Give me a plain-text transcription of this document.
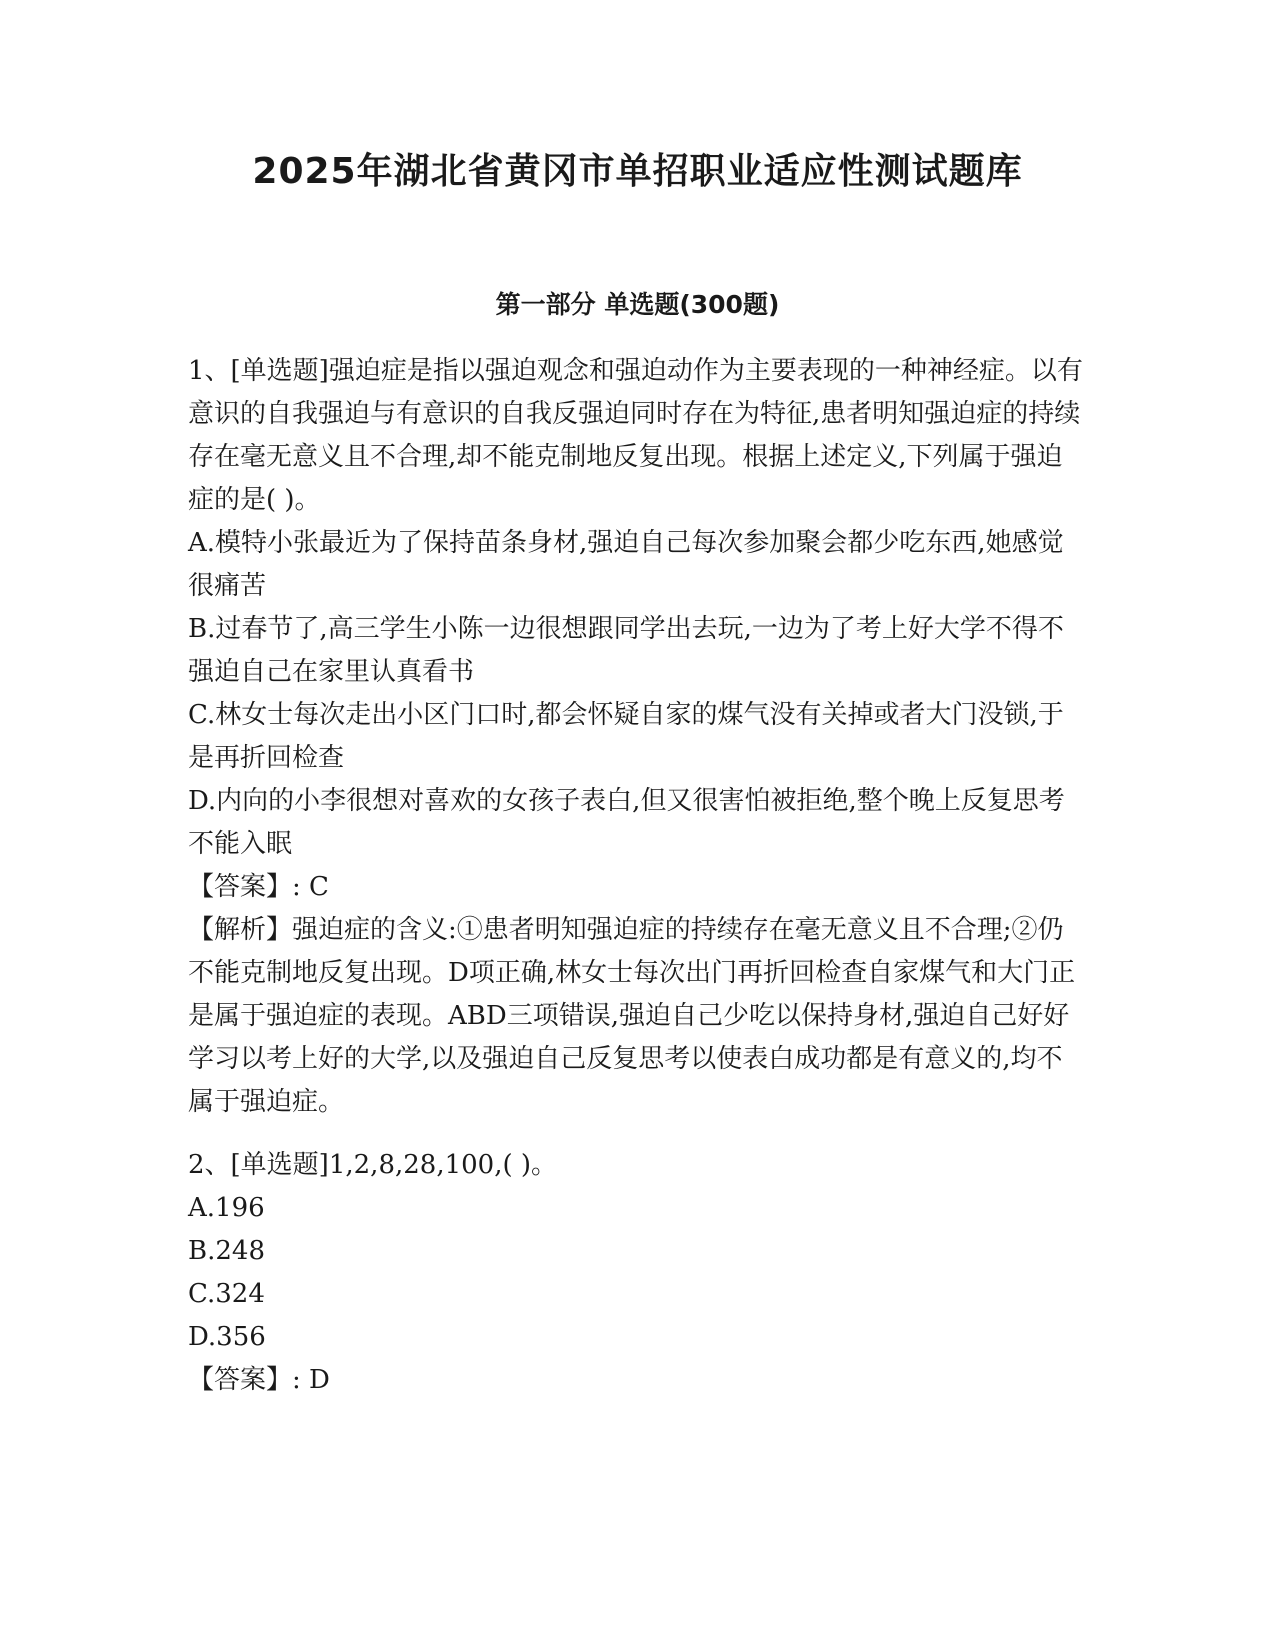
2025年湖北省黄冈市单招职业适应性测试题库
第一部分 单选题(300题)

1、[单选题]强迫症是指以强迫观念和强迫动作为主要表现的一种神经症。以有意识的自我强迫与有意识的自我反强迫同时存在为特征,患者明知强迫症的持续存在毫无意义且不合理,却不能克制地反复出现。根据上述定义,下列属于强迫症的是( )。

A.模特小张最近为了保持苗条身材,强迫自己每次参加聚会都少吃东西,她感觉很痛苦

B.过春节了,高三学生小陈一边很想跟同学出去玩,一边为了考上好大学不得不强迫自己在家里认真看书

C.林女士每次走出小区门口时,都会怀疑自家的煤气没有关掉或者大门没锁,于是再折回检查

D.内向的小李很想对喜欢的女孩子表白,但又很害怕被拒绝,整个晚上反复思考不能入眠

【答案】: C

【解析】强迫症的含义:①患者明知强迫症的持续存在毫无意义且不合理;②仍不能克制地反复出现。D项正确,林女士每次出门再折回检查自家煤气和大门正是属于强迫症的表现。ABD三项错误,强迫自己少吃以保持身材,强迫自己好好学习以考上好的大学,以及强迫自己反复思考以使表白成功都是有意义的,均不属于强迫症。

2、[单选题]1,2,8,28,100,( )。

A.196

B.248

C.324

D.356

【答案】: D
